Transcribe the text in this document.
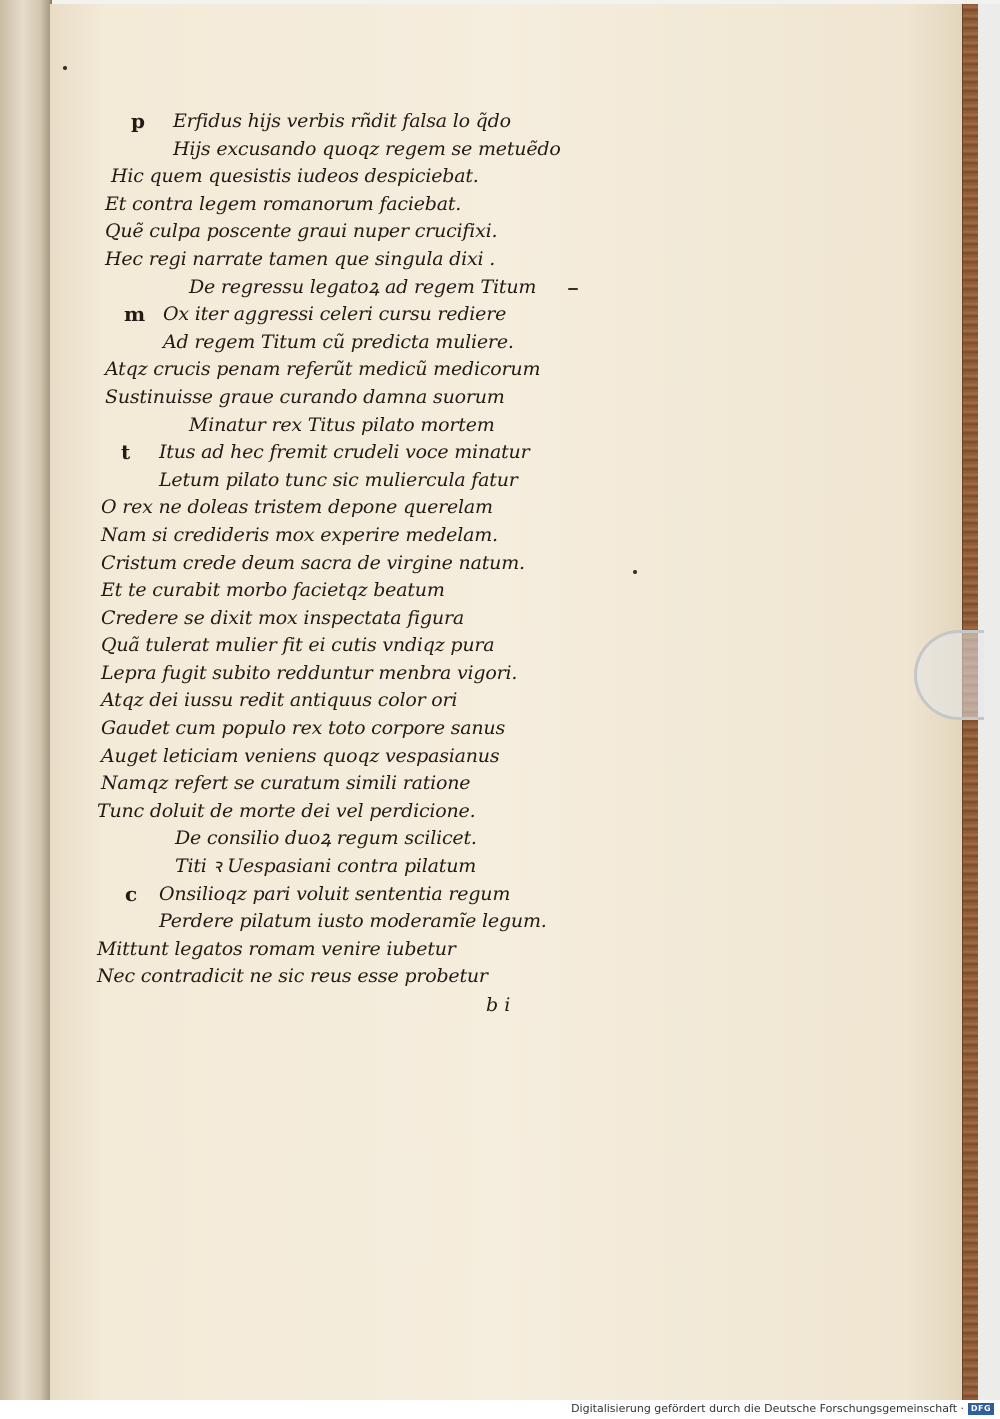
p Erfidus hijs verbis rñdit falsa lo q̃do
Hijs excusando quoqz regem se metuẽdo
Hic quem quesistis iudeos despiciebat.
Et contra legem romanorum faciebat.
Quẽ culpa poscente graui nuper crucifixi.
Hec regi narrate tamen que singula dixi .
De regressu legatoꝝ ad regem Titum
m Ox iter aggressi celeri cursu rediere
Ad regem Titum cũ predicta muliere.
Atqz crucis penam referũt medicũ medicorum
Sustinuisse graue curando damna suorum
Minatur rex Titus pilato mortem
t Itus ad hec fremit crudeli voce minatur
Letum pilato tunc sic muliercula fatur
O rex ne doleas tristem depone querelam
Nam si credideris mox experire medelam.
Cristum crede deum sacra de virgine natum.
Et te curabit morbo facietqz beatum
Credere se dixit mox inspectata figura
Quã tulerat mulier fit ei cutis vndiqz pura
Lepra fugit subito redduntur menbra vigori.
Atqz dei iussu redit antiquus color ori
Gaudet cum populo rex toto corpore sanus
Auget leticiam veniens quoqz vespasianus
Namqz refert se curatum simili ratione
Tunc doluit de morte dei vel perdicione.
De consilio duoꝝ regum scilicet.
Titi ꝛ Uespasiani contra pilatum
c Onsilioqz pari voluit sententia regum
Perdere pilatum iusto moderamĩe legum.
Mittunt legatos romam venire iubetur
Nec contradicit ne sic reus esse probetur
b i
Digitalisierung gefördert durch die Deutsche Forschungsgemeinschaft · DFG
